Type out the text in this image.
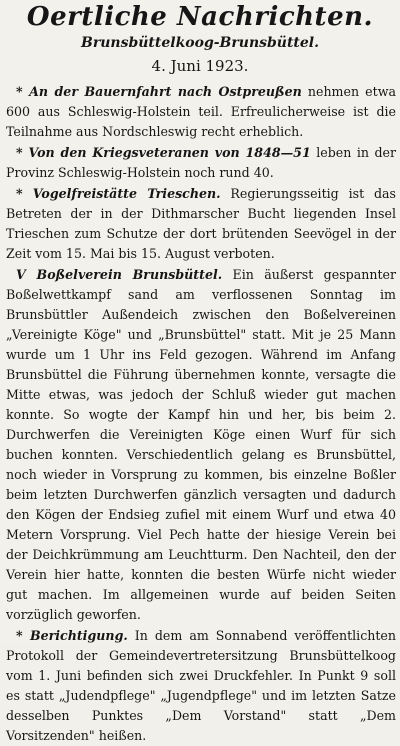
Oertliche Nachrichten.
Brunsbüttelkoog-Brunsbüttel.
4. Juni 1923.

* An der Bauernfahrt nach Ostpreußen nehmen etwa 600 aus Schleswig-Holstein teil. Erfreulicherweise ist die Teilnahme aus Nordschleswig recht erheblich.

* Von den Kriegsveteranen von 1848—51 leben in der Provinz Schleswig-Holstein noch rund 40.

* Vogelfreistätte Trieschen. Regierungsseitig ist das Betreten der in der Dithmarscher Bucht liegenden Insel Trieschen zum Schutze der dort brütenden Seevögel in der Zeit vom 15. Mai bis 15. August verboten.

V Boßelverein Brunsbüttel. Ein äußerst gespannter Boßelwettkampf sand am verflossenen Sonntag im Brunsbüttler Außendeich zwischen den Boßelvereinen „Vereinigte Köge" und „Brunsbüttel" statt. Mit je 25 Mann wurde um 1 Uhr ins Feld gezogen. Während im Anfang Brunsbüttel die Führung übernehmen konnte, versagte die Mitte etwas, was jedoch der Schluß wieder gut machen konnte. So wogte der Kampf hin und her, bis beim 2. Durchwerfen die Vereinigten Köge einen Wurf für sich buchen konnten. Verschiedentlich gelang es Brunsbüttel, noch wieder in Vorsprung zu kommen, bis einzelne Boßler beim letzten Durchwerfen gänzlich versagten und dadurch den Kögen der Endsieg zufiel mit einem Wurf und etwa 40 Metern Vorsprung. Viel Pech hatte der hiesige Verein bei der Deichkrümmung am Leuchtturm. Den Nachteil, den der Verein hier hatte, konnten die besten Würfe nicht wieder gut machen. Im allgemeinen wurde auf beiden Seiten vorzüglich geworfen.

* Berichtigung. In dem am Sonnabend veröffentlichten Protokoll der Gemeindevertretersitzung Brunsbüttelkoog vom 1. Juni befinden sich zwei Druckfehler. In Punkt 9 soll es statt „Judendpflege" „Jugendpflege" und im letzten Satze desselben Punktes „Dem Vorstand" statt „Dem Vorsitzenden" heißen.
